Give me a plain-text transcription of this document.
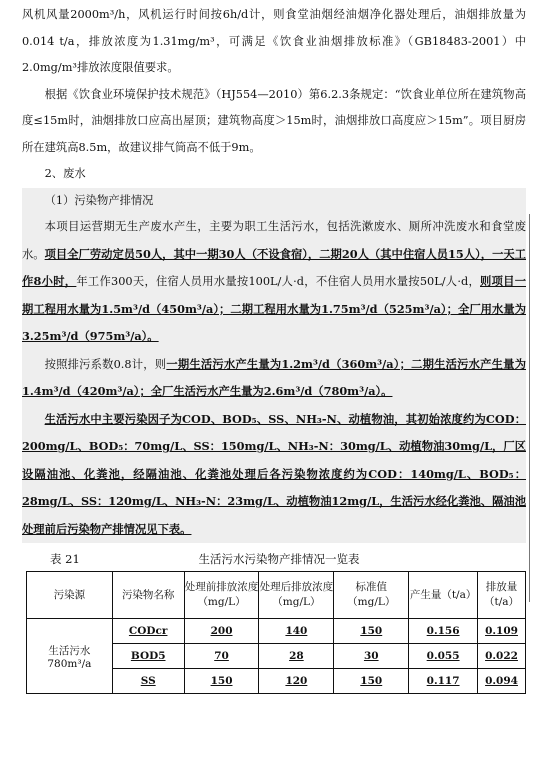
风机风量2000m³/h，风机运行时间按6h/d计，则食堂油烟经油烟净化器处理后，油烟排放量为0.014 t/a，排放浓度为1.31mg/m³，可满足《饮食业油烟排放标准》（GB18483-2001）中2.0mg/m³排放浓度限值要求。

根据《饮食业环境保护技术规范》（HJ554—2010）第6.2.3条规定：“饮食业单位所在建筑物高度≤15m时，油烟排放口应高出屋顶；建筑物高度＞15m时，油烟排放口高度应＞15m”。项目厨房所在建筑高8.5m，故建议排气筒高不低于9m。

2、废水

（1）污染物产排情况

本项目运营期无生产废水产生，主要为职工生活污水，包括洗漱废水、厕所冲洗废水和食堂废水。项目全厂劳动定员50人，其中一期30人（不设食宿），二期20人（其中住宿人员15人），一天工作8小时，年工作300天，住宿人员用水量按100L/人·d，不住宿人员用水量按50L/人·d，则项目一期工程用水量为1.5m³/d（450m³/a）；二期工程用水量为1.75m³/d（525m³/a）；全厂用水量为3.25m³/d（975m³/a）。

按照排污系数0.8计，则一期生活污水产生量为1.2m³/d（360m³/a）；二期生活污水产生量为1.4m³/d（420m³/a）；全厂生活污水产生量为2.6m³/d（780m³/a）。

生活污水中主要污染因子为COD、BOD₅、SS、NH₃-N、动植物油，其初始浓度约为COD：200mg/L、BOD₅：70mg/L、SS：150mg/L、NH₃-N：30mg/L、动植物油30mg/L，厂区设隔油池、化粪池，经隔油池、化粪池处理后各污染物浓度约为COD：140mg/L、BOD₅：28mg/L、SS：120mg/L、NH₃-N：23mg/L、动植物油12mg/L，生活污水经化粪池、隔油池处理前后污染物产排情况见下表。

表 21	生活污水污染物产排情况一览表
污染源	污染物名称	处理前排放浓度（mg/L）	处理后排放浓度（mg/L）	标准值（mg/L）	产生量（t/a）	排放量（t/a）
生活污水780m³/a	CODcr	200	140	150	0.156	0.109
	BOD5	70	28	30	0.055	0.022
	SS	150	120	150	0.117	0.094
